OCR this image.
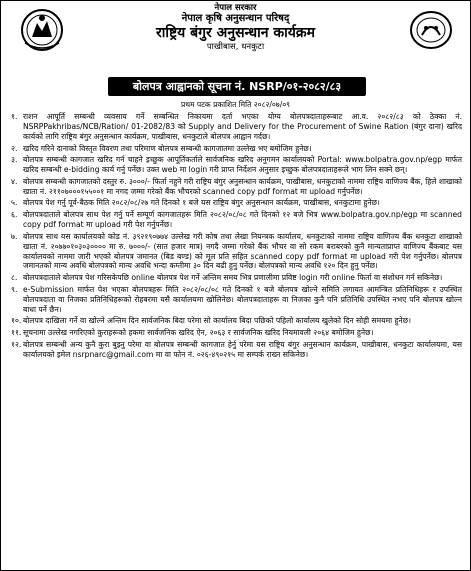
नेपाल सरकार
नेपाल कृषि अनुसन्धान परिषद्
राष्ट्रिय बंगुर अनुसन्धान कार्यक्रम
पाखीबास, धनकुटा
बोलपत्र आह्वानको सूचना नं. NSRP/०१-२०८२/८३
प्रथम पटक प्रकाशित मिति २०८२/०७/०९
१. राशन आपूर्ति सम्बन्धी व्यवसाय गर्ने सम्बन्धित निकायमा दर्ता भएका योग्य बोलपत्रदाताहरूबाट आ.व. २०८२/८३ को ठेक्का नं. NSRPPakhribas/NCB/Ration/ 01-2082/83 को Supply and Delivery for the Procurement of Swine Ration (बंगुर दाना) खरिद कार्यको लागि राष्ट्रिय बंगुर अनुसन्धान कार्यक्रम, पाखीबास, धनकुटाले बोलपत्र आह्वान गर्दछ।
२. खरिद गरिने दानाको विस्तृत विवरण तथा परिमाण बोलपत्र सम्बन्धी कागजातमा उल्लेख भए बमोजिम हुनेछ।
३. बोलपत्र सम्बन्धी कागजात खरिद गर्न चाहने इच्छुक आपूर्तिकर्ताले सार्वजनिक खरिद अनुगमन कार्यालयको Portal: www.bolpatra.gov.np/egp मार्फत खरिद सम्बन्धी e-bidding कार्य गर्नु पर्नेछ। उक्त web मा login गरी प्राप्त निर्देशन अनुसार इच्छुक बोलपत्रदाताहरूले भाग लिन सक्ने छन्।
४. बोलपत्र सम्बन्धी कागजातको दस्तुर रु. ३०००/- फिर्ता नहुने गरी राष्ट्रिय बंगुर अनुसन्धान कार्यक्रम, पाखीबास, धनकुटाको नाममा राष्ट्रिय वाणिज्य बैंक, हिले शाखाको खाता नं. २११०७०००१५५००१ मा नगद जम्मा गरेको बैंक भौचरको scanned copy pdf format मा upload गर्नुपर्नेछ।
५. बोलपत्र पेश गर्नु पूर्व-बैठक मिति २०८२/०८/२७ गते दिनको १ बजे यस राष्ट्रिय बंगुर अनुसन्धान कार्यक्रम, पाखीबास, धनकुटामा हुनेछ।
६. बोलपत्रदाताले बोलपत्र साथ पेश गर्नु पर्ने सम्पूर्ण कागजातहरू मिति २०८२/०८/०८ गते दिनको १२ बजे भित्र www.bolpatra.gov.np/egp मा scanned copy pdf format मा upload गरी पेश गर्नुपर्नेछ।
७. बोलपत्र साथ यस कार्यालयको कोड नं. ३९२१९०७७४ उल्लेख गरी कोष तथा लेखा नियन्त्रक कार्यालय, धनकुटाको नाममा राष्ट्रिय वाणिज्य बैंक धनकुटा शाखाको खाता नं. २०७७०१०३०३०००० मा रु. ७०००/- (सात हजार मात्र) नगदै जम्मा गरेको बैंक भौचर वा सो रकम बराबरको कुनै मान्यताप्राप्त वाणिज्य बैंकबाट यस कार्यालयको नाममा जारी भएको बोलपत्र जमानत (बिड बण्ड) को मूल प्रति सहित scanned copy pdf format मा upload गरी पेश गर्नुपर्नेछ। बोलपत्र जमानतको मान्य अवधि बोलपत्रको मान्य अवधि भन्दा कम्तीमा ३० दिन बढी हुनु पर्नेछ। बोलपत्रको मान्य अवधि १२० दिन हुनु पर्नेछ।
८. बोलपत्रदाताले बोलपत्र पेश गरिसकेपछि online बोलपत्र पेश गर्ने अन्तिम समय भित्र प्रणालीमा प्रविष्ट login गरी online फिर्ता वा संशोधन गर्न सकिनेछ।
९. e-Submission मार्फत पेश भएका बोलपत्रहरू मिति २०८२/०८/०८ गते दिनको १ बजे बोलपत्र खोल्ने समिति लगायत आमन्त्रित प्रतिनिधिहरू र उपस्थित बोलपत्रदाता वा निजका प्रतिनिधिहरूको रोहबरमा यसै कार्यालयमा खोलिनेछ। बोलपत्रदाताहरू वा निजका कुनै पनि प्रतिनिधि उपस्थित नभए पनि बोलपत्र खोल्न बाधा पर्ने छैन।
१०. बोलपत्र दाखिला गर्ने वा खोल्ने अन्तिम दिन सार्वजनिक बिदा परेमा सो कार्यालय बिदा पछिको पहिलो कार्यालय खुलेको दिन सोही समयमा हुनेछ।
११. सूचनामा उल्लेख नगरिएको कुराहरूको हकमा सार्वजनिक खरिद ऐन, २०६३ र सार्वजनिक खरिद नियमावली २०६४ बमोजिम हुनेछ।
१२. बोलपत्र सम्बन्धी अन्य कुनै कुरा बुझ्नु परेमा वा बोलपत्र सम्बन्धी कागजात हेर्नु परेमा यस राष्ट्रिय बंगुर अनुसन्धान कार्यक्रम, पाखीबास, धनकुटा कार्यालयमा, यस कार्यालयको इमेल nsrpnarc@gmail.com मा वा फोन नं. ०२६-४९०२१५ मा सम्पर्क राख्न सकिनेछ।
